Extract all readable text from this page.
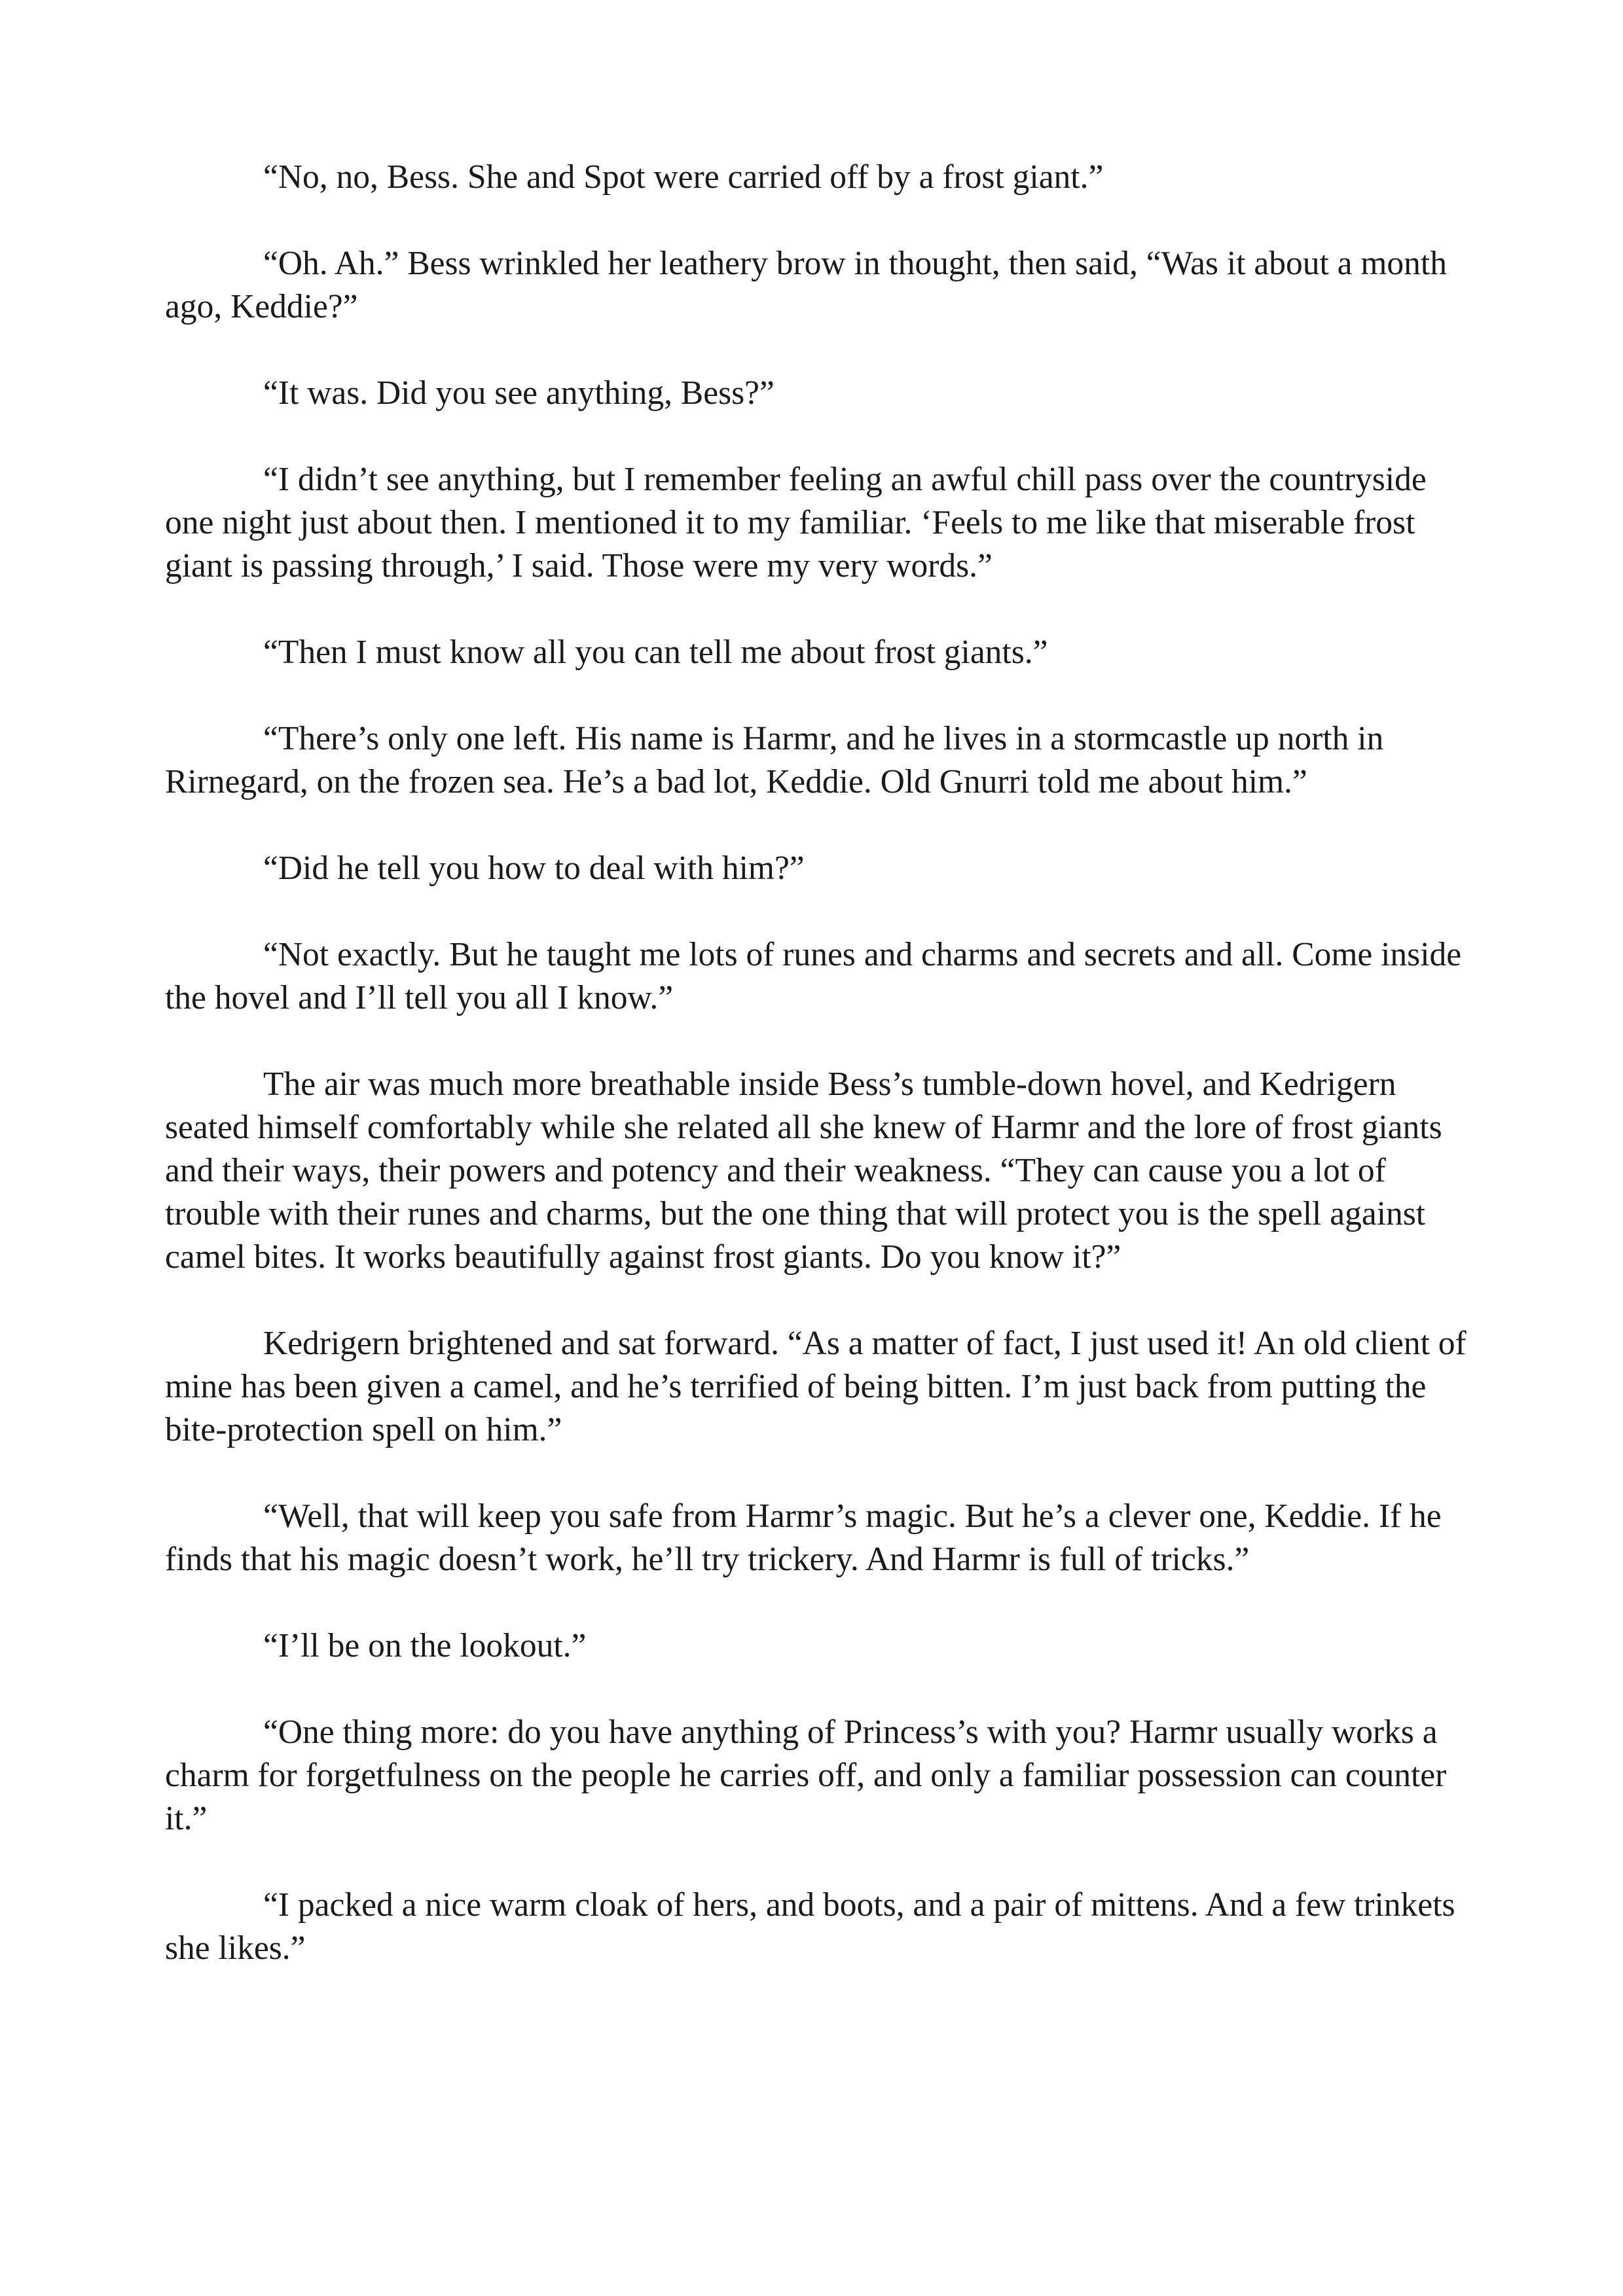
“No, no, Bess. She and Spot were carried off by a frost giant.”

“Oh. Ah.” Bess wrinkled her leathery brow in thought, then said, “Was it about a month ago, Keddie?”

“It was. Did you see anything, Bess?”

“I didn’t see anything, but I remember feeling an awful chill pass over the countryside one night just about then. I mentioned it to my familiar. ‘Feels to me like that miserable frost giant is passing through,’ I said. Those were my very words.”

“Then I must know all you can tell me about frost giants.”

“There’s only one left. His name is Harmr, and he lives in a stormcastle up north in Rirnegard, on the frozen sea. He’s a bad lot, Keddie. Old Gnurri told me about him.”

“Did he tell you how to deal with him?”

“Not exactly. But he taught me lots of runes and charms and secrets and all. Come inside the hovel and I’ll tell you all I know.”

The air was much more breathable inside Bess’s tumble-down hovel, and Kedrigern seated himself comfortably while she related all she knew of Harmr and the lore of frost giants and their ways, their powers and potency and their weakness. “They can cause you a lot of trouble with their runes and charms, but the one thing that will protect you is the spell against camel bites. It works beautifully against frost giants. Do you know it?”

Kedrigern brightened and sat forward. “As a matter of fact, I just used it! An old client of mine has been given a camel, and he’s terrified of being bitten. I’m just back from putting the bite-protection spell on him.”

“Well, that will keep you safe from Harmr’s magic. But he’s a clever one, Keddie. If he finds that his magic doesn’t work, he’ll try trickery. And Harmr is full of tricks.”

“I’ll be on the lookout.”

“One thing more: do you have anything of Princess’s with you? Harmr usually works a charm for forgetfulness on the people he carries off, and only a familiar possession can counter it.”

“I packed a nice warm cloak of hers, and boots, and a pair of mittens. And a few trinkets she likes.”
